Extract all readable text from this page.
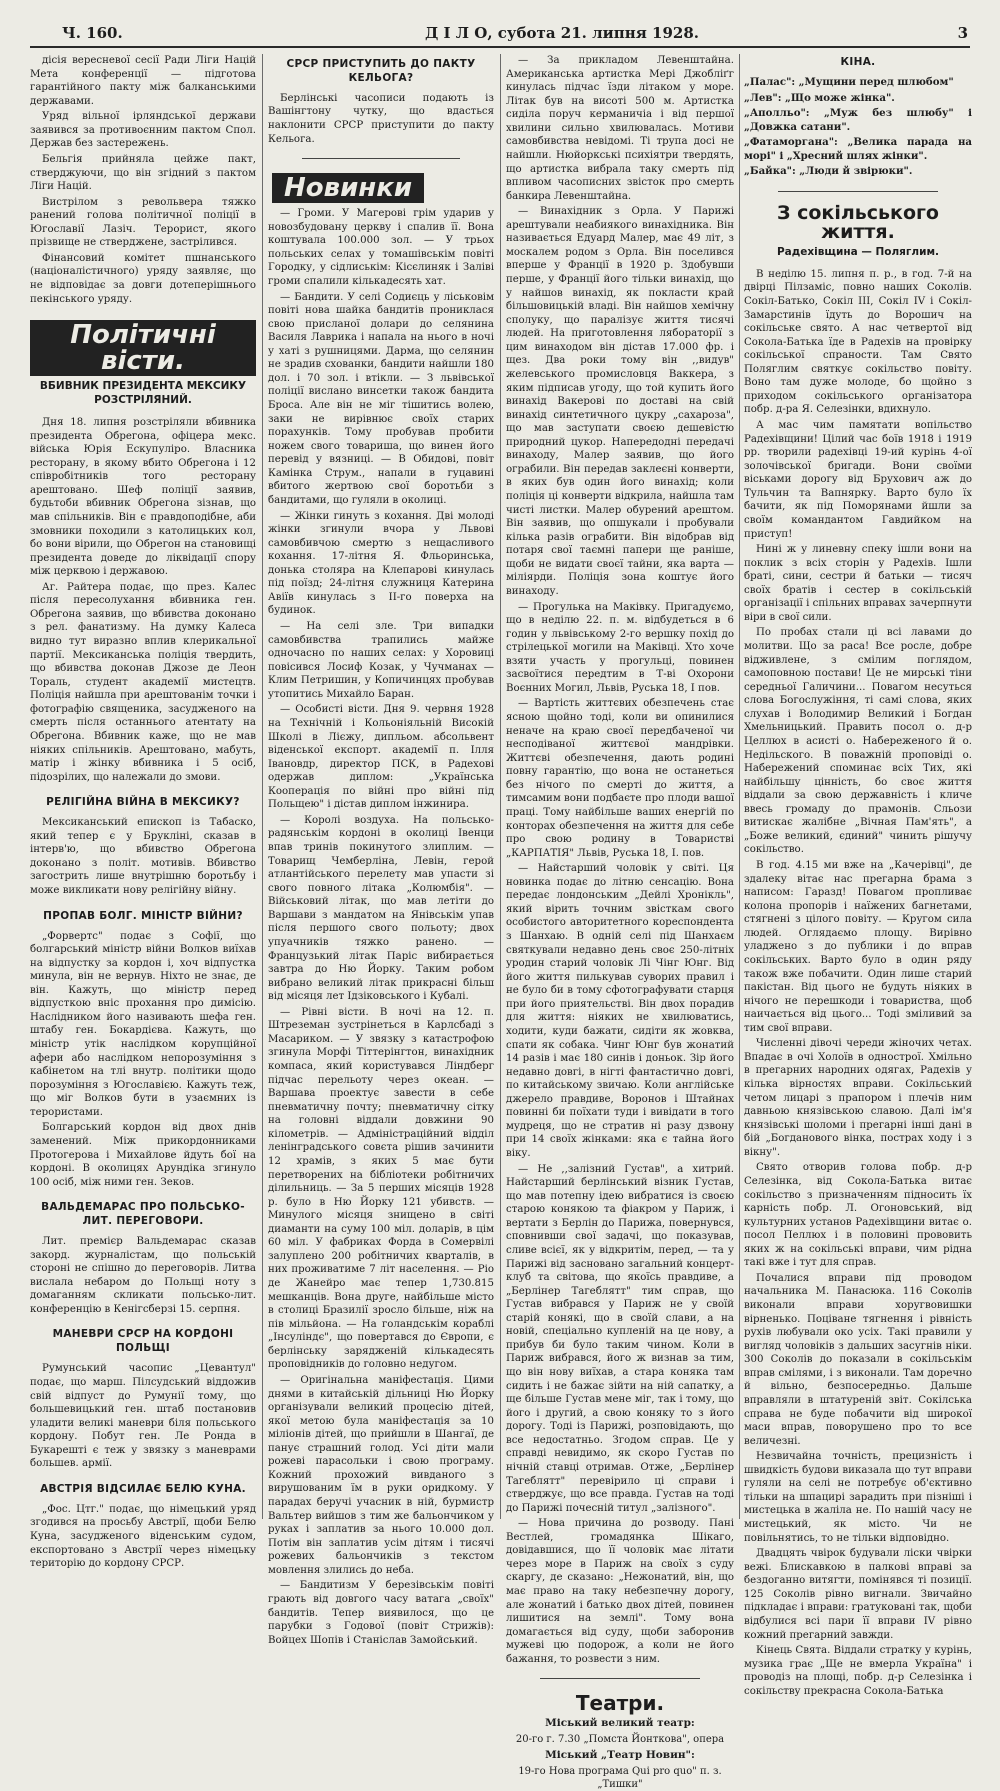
Ч. 160.	Д І Л О, субота 21. липня 1928.	3

дісія вересневої сесії Ради Ліги Націй Мета конференції — підготова гарантійного пакту між балканськими державами.

Уряд вільної ірляндської держави заявився за противоєнним пактом Спол. Держав без застережень.

Бельгія прийняла цейже пакт, стверджуючи, що він згідний з пактом Ліги Націй.

Вистрілом з револьвера тяжко ранений голова політичної поліції в Югославії Лазіч. Терорист, якого прізвище не стверджене, застрілився.

Фінансовий комітет пшнанського (націоналістичного) уряду заявляє, що не відповідає за довги дотеперішнього пекінського уряду.

Політичні вісти.
ВБИВНИК ПРЕЗИДЕНТА МЕКСИКУ РОЗСТРІЛЯНИЙ.

Дня 18. липня розстріляли вбивника президента Обрегона, офіцера мекс. війська Юрія Ескупуліро. Власника ресторану, в якому вбито Обрегона і 12 співробітників того ресторану арештовано. Шеф поліції заявив, будьтоби вбивник Обрегона зізнав, що мав спільників. Він є правдоподібне, аби змовники походили з католицьких кол, бо вони вірили, що Обрегон на становищі президента доведе до ліквідації спору між церквою і державою.

Аг. Райтера подає, що през. Калес після пересолухання вбивника ген. Обрегона заявив, що вбивства доконано з рел. фанатизму. На думку Калеса видно тут виразно вплив клерикальної партії. Мексиканська поліція твердить, що вбивства доконав Джозе де Леон Тораль, студент академії мистецтв. Поліція найшла при арештованім точки і фотографію священика, засудженого на смерть після останнього атентату на Обрегона. Вбивник каже, що не мав ніяких спільників. Арештовано, мабуть, матір і жінку вбивника і 5 осіб, підозрілих, що належали до змови.

РЕЛІГІЙНА ВІЙНА В МЕКСИКУ?

Мексиканський епископ із Табаско, який тепер є у Брукліні, сказав в інтерв'ю, що вбивство Обрегона доконано з політ. мотивів. Вбивство загострить лише внутрішню боротьбу і може викликати нову релігійну війну.

ПРОПАВ БОЛГ. МІНІСТР ВІЙНИ?

„Форвертс" подає з Софії, що болгарський міністр війни Волков виїхав на відпустку за кордон і, хоч відпустка минула, він не вернув. Ніхто не знає, де він. Кажуть, що міністр перед відпусткою вніс прохання про димісію. Наслідником його називають шефа ген. штабу ген. Бокардієва. Кажуть, що міністр утік наслідком корупційної афери або наслідком непорозуміння з кабінетом на тлі внутр. політики щодо порозуміння з Югославією. Кажуть теж, що міг Волков бути в узаємних із терористами.

Болгарський кордон від двох днів заменений. Між прикордонниками Протогерова і Михайлове йдуть бої на кордоні. В околицях Арундіка згинуло 100 осіб, між ними ген. Зеков.

ВАЛЬДЕМАРАС ПРО ПОЛЬСЬКО-ЛИТ. ПЕРЕГОВОРИ.

Лит. премієр Вальдемарас сказав закорд. журналістам, що польській стороні не спішно до переговорів. Литва вислала небаром до Польщі ноту з домаганням скликати польсько-лит. конференцію в Кенігсберзі 15. серпня.

МАНЕВРИ СРСР НА КОРДОНІ ПОЛЬЩІ

Румунський часопис „Цевантул" подає, що марш. Пілсудський віддожив свій відпуст до Румунії тому, що большевицький ген. штаб постановив уладити великі маневри біля польського кордону. Побут ген. Ле Ронда в Букарешті є теж у звязку з маневрами большев. армії.

АВСТРІЯ ВІДСИЛАЄ БЕЛЮ КУНА.

„Фос. Цтг." подає, що німецький уряд згодився на просьбу Австрії, щоби Белю Куна, засудженого віденським судом, експортовано з Австрії через німецьку територію до кордону СРСР.

СРСР ПРИСТУПИТЬ ДО ПАКТУ КЕЛЬОГА?

Берлінські часописи подають із Вашінгтону чутку, що вдасться наклонити СРСР приступити до пакту Кельога.

Новинки

— Громи. У Магерові грім ударив у новозбудовану церкву і спалив її. Вона коштувала 100.000 зол. — У трьох польських селах у томашівськім повіті Городку, у сідлиськім: Кісєлиняк і Заліві громи спалили кількадесять хат.

— Бандити. У селі Содиєць у ліськовім повіті нова шайка бандитів прониклася свою присланої долари до селянина Василя Лаврика і напала на нього в ночі у хаті з рушницями. Дарма, що селянин не зрадив схованки, бандити найшли 180 дол. і 70 зол. і втікли. — З львівської поліції вислано винсетки також бандита Броса. Але він не міг тішитись волею, заки не вирівнює своїх старих порахунків. Тому пробував пробити ножем свого товариша, що винен його перевід у вязниці. — В Обидові, повіт Камінка Струм., напали в гуцавині вбитого жертвою свої боротьби з бандитами, що гуляли в околиці.

— Жінки гинуть з кохання. Дві молоді жінки згинули вчора у Львові самовбивчою смертю з нещасливого кохання. 17-літня Я. Фльоринська, донька столяра на Клепарові кинулась під поїзд; 24-літня служниця Катерина Авіїв кинулась з II-го поверха на будинок.

— На селі зле. Три випадки самовбивства трапились майже одночасно по наших селах: у Хоровиці повісився Лосиф Козак, у Чучманах — Клим Петришин, у Копичинцях пробував утопитись Михайло Баран.

— Особисті вісти. Дня 9. червня 1928 на Технічній і Кольоніяльній Високій Школі в Лієжу, дипльом. абсольвент віденської експорт. академії п. Ілля Івановдр, директор ПСК, в Радехові одержав диплом: „Українська Кооперація по війні про війні під Польщею" і дістав диплом інжинира.

— Королі воздуха. На польсько-радянськім кордоні в околиці Івенци впав тринів покинутого злиплим. — Товарищ Чемберліна, Левін, герой атлантійського перелету мав упасти зі свого повного літака „Колюмбія". — Військовий літак, що мав летіти до Варшави з мандатом на Янівськім упав після першого свого польоту; двох упуачників тяжко ранено. — Французький літак Паріс вибирається завтра до Ню Йорку. Таким робом вибрано великий літак прикрасні більш від місяця лет Ідзіковського і Кубалі.

— Рівні вісти. В ночі на 12. п. Штреземан зустрінеться в Карлсбаді з Масариком. — У звязку з катастрофою згинула Морфі Тіттерінгтон, винахідник компаса, який користувався Ліндберг підчас перельоту через океан. — Варшава проектує завести в себе пневматичну почту; пневматичну сітку на головні віддали довжини 90 кілометрів. — Адміністраційний відділ ленінградського совєта рішив зачинити 12 храмів, з яких 5 має бути перетворених на бібліотеки робітничих ділильниць. — За 5 перших місяців 1928 р. було в Ню Йорку 121 убивств. — Минулого місяця знищено в світі диаманти на суму 100 міл. доларів, в цім 60 міл. У фабриках Форда в Сомервілі залуплено 200 робітничих кварталів, в них проживатиме 7 літ населення. — Ріо де Жанейро має тепер 1,730.815 мешканців. Вона друге, найбільше місто в столиці Бразилії зросло більше, ніж на пів мільйона. — На голандськім кораблі „Інсуліндє", що повертався до Європи, є берлінську зарядженій кількадесять проповідників до головно недугом.

— Оригінальна маніфестація. Цими днями в китайській дільниці Ню Йорку організували великий процесію дітей, якої метою була маніфестація за 10 міліонів дітей, що прийшли в Шангаї, де панує страшний голод. Усі діти мали рожеві парасольки і свою програму. Кожний прохожий вивданого з вирушованим їм в руки оридкому. У парадах беручі учасник в ній, бурмистр Вальтер вийшов з тим же бальончиком у руках і заплатив за нього 10.000 дол. Потім він заплатив усім дітям і тисячі рожевих бальончиків з текстом мовлення злились до неба.

— Бандитизм У березівськім повіті грають від довгого часу ватага „своїх" бандитів. Тепер виявилося, що це парубки з Годової (повіт Стрижів): Войцех Шопів і Станіслав Замойський.

— За прикладом Левенштайна. Американська артистка Мері Джобліґг кинулась підчас їзди літаком у море. Літак був на висоті 500 м. Артистка сиділа поруч керманичіа і від першої хвилини сильно хвилювалась. Мотиви самовбивства невідомі. Ті трупа досі не найшли. Нюйоркські психіятри твердять, що артистка вибрала таку смерть під впливом часописних звісток про смерть банкира Левенштайна.

— Винахідник з Орла. У Парижі арештували неабиякого винахідника. Він називається Едуард Малер, має 49 літ, з москалем родом з Орла. Він поселився вперше у Франції в 1920 р. Здобувши перше, у Франції його тільки винахід, що у найшов винахід, як покласти край більшовицькій владі. Він найшов хемічну сполуку, що паралізує життя тисячі людей. На приготовлення лябораторії з цим винаходом він дістав 17.000 фр. і щез. Два роки тому він ,,видув" желевського промисловця Ваккера, з яким підписав угоду, що той купить його винахід Вакерові по доставі на свій винахід синтетичного цукру „сахароза", що мав заступати своєю дешевістю природний цукор. Напередодні передачі винаходу, Малер заявив, що його ограбили. Він передав заклеєні конверти, в яких був один його винахід; коли поліція ці конверти відкрила, найшла там чисті листки. Малер обурений арештом. Він заявив, що опшукали і пробували кілька разів ограбити. Він відобрав від потаря свої таємні папери ще раніше, щоби не видати своєї тайни, яка варта — міліярди. Поліція зона коштує його винаходу.

— Прогулька на Маківку. Пригадуємо, що в неділю 22. п. м. відбудеться в 6 годин у львівському 2-го вершку похід до стрілецької могили на Маківці. Хто хоче взяти участь у прогульці, повинен засвоїтися передтим в Т-ві Охорони Воєнних Могил, Львів, Руська 18, I пов.

— Вартість життєвих обезпечень стає ясною щойно тоді, коли ви опинилися неначе на краю своєї передбаченої чи несподіваної життєвої мандрівки. Життєві обезпечення, дають родині повну гарантію, що вона не останеться без нічого по смерті до життя, а тимсамим вони подбаєте про плоди вашої праці. Тому найбільше ваших енергій по конторах обезпечення на життя для себе про свою родину в Товаристві „КАРПАТІЯ" Львів, Руська 18, I. пов.

— Найстарший чоловік у світі. Ця новинка подає до літню сенсацію. Вона передає лондонським „Дейлі Хронікль", який вірить точним звісткам свого особистого авторитетного кореспондента з Шанхаю. В одній селі під Шанхаєм святкували недавно день своє 250-літніх уродин старий чоловік Лі Чінг Юнг. Від його життя пилькував суворих правил і не було би в тому сфотографувати старця при його приятельстві. Він двох порадив для життя: ніяких не хвилюватись, ходити, куди бажати, сидіти як жовква, спати як собака. Чинг Юнг був жонатий 14 разів і має 180 синів і доньок. Зір його недавно довгі, в нігті фантастично довгі, по китайському звичаю. Коли англійське джерело правдиве, Воронов і Штайнах повинні би поїхати туди і вивідати в того мудреця, що не стратив ні разу дзвону при 14 своїх жінками: яка є тайна його вiку.

— Не ,,залізний Густав", а хитрий. Найстарший берлінський візник Густав, що мав потепну ідею вибратися із своєю старою конякою та фіакром у Париж, і вертати з Берлін до Парижа, повернувся, сповнивши свої задачі, що показував, сливе всієї, як у відкритім, перед, — та у Парижі від засновано загальний концерт-клуб та світова, що якоїсь правдиве, а „Берлінер Тагеблятт" тим справ, що Густав вибрався у Париж не у своїй старій конякі, що в своїй слави, а на новій, спеціально купленій на це нову, а прибув би було таким чином. Коли в Париж вибрався, його ж визнав за тим, що він нову виїхав, а стара коняка там сидить і не бажає зійти на ній сапатку, а ще більше Густав мене міг, так і тому, що його і другий, а свою коняку то з його дорогу. Тоді із Парижі, розповідають, що все недостатньо. Згодом справ. Це у справді невидимо, як скоро Густав по нічній ставці отримав. Отже, „Берлінер Тагеблятт" перевірило ці справи і стверджує, що все правда. Густав на тоді до Парижі почесній титул „залізного".

— Нова причина до розводу. Пані Вестлей, громадянка Шікаго, довідавшися, що її чоловік має літати через море в Париж на своїх з суду скаргу, де сказано: „Нежонатий, він, що має право на таку небезпечну дорогу, але жонатий і батько двох дітей, повинен лишитися на землі". Тому вона домагається від суду, щоби заборонив мужеві цю подорож, а коли не його бажання, то розвести з ним.

Театри.
Міський великий театр:
20-го г. 7.30 „Помста Йонткова", опера
Міський „Театр Новин":
19-го Нова програма Qui pro quo" п. з. „Тишки"
КІНА.

„Палас": „Мущини перед шлюбом"

„Лев": „Що може жінка".

„Аполльо": „Муж без шлюбу" і „Довжка сатани".

„Фатаморгана": „Велика парада на морі" і „Хресний шлях жінки".

„Байка": „Люди й звірюки".

З сокільського життя.
Радехівщина — Поляглим.

В неділю 15. липня п. р., в год. 7-й на двірці Пілзаміс, повно наших Соколів. Сокіл-Батько, Сокіл ІІІ, Сокіл IV і Сокіл-Замарстинів їдуть до Ворошич на сокільське свято. А нас четвертої від Сокола-Батька їде в Радехів на провірку сокільської спраности. Там Свято Поляглим святкує сокільство повіту. Воно там дуже молоде, бо щойно з приходом сокільського організатора побр. д-ра Я. Селезінки, вдихнуло.

А мас чим памятати вопільство Радехівщини! Цілий час боїв 1918 і 1919 рр. творили радехівці 19-ий курінь 4-ої золочівської бригади. Вони своїми віськами дорогу від Брухович аж до Тульчин та Вапнярку. Варто було їх бачити, як під Поморянами йшли за своїм командантом Гавдийком на приступ!

Нині ж у линевну спеку ішли вони на поклик з всіх сторін у Радехів. Ішли браті, сини, сестри й батьки — тисяч своїх братів і сестер в сокільській організації і спільних вправах зачерпнути віри в свої сили.

По пробах стали ці всі лавами до молитви. Що за раса! Все росле, добре відживлене, з смілим поглядом, самоповною постави! Це не мирські тіни середньої Галичини... Повагом несуться слова Богослужіння, ті самі слова, яких слухав і Володимир Великий і Богдан Хмельницький. Править посол о. д-р Целлюх в асисті о. Набереженого й о. Недільского. В поважній проповіді о. Набережений споминає всіх Тих, які найбільшу цінність, бо своє життя віддали за свою державність і кличе ввесь громаду до прамонів. Сльози витискає жалібне „Вічная Пам'ять", а „Боже великий, єдиний" чинить рішучу сокільство.

В год. 4.15 ми вже на „Качерівці", де здалеку вітає нас прегарна брама з написом: Гаразд! Повагом пропливає колона пропорів і наїжених багнетами, стягнені з цілого повіту. — Кругом сила людей. Оглядаємо площу. Вирівно уладжено з до публики і до вправ сокільських. Варто було в один ряду також вже побачити. Один лише старий пакістан. Від цього не будуть ніяких в нічого не перешкоди і товариства, щоб наичається від цього... Тоді зміливий за тим свої вправи.

Численні дівочі череди жіночих четах. Впадає в очі Холоїв в однострої. Хмільно в прегарних народних одягах, Радехів у кілька вірностях вправи. Сокільський четом лицарі з прапором і плечів ним давньою князівською славою. Далі ім'я князівські шоломи і прегарні інші дані в бій „Богданового вінка, пострах ходу і з вікну".

Свято отворив голова побр. д-р Селезінка, від Сокола-Батька витає сокільство з призначенням підносить їх карність побр. Л. Огоновський, від культурних установ Радехівщини витає о. посол Пеллюх і в половині прововить яких ж на сокільські вправи, чим рідна такі вже і тут для справ.

Почалися вправи під проводом начальника М. Панасюка. 116 Соколів виконали вправи хоругвовишки вірненько. Поціване тягнення і рівність рухів любували око усіх. Такі правили у вигляд чоловіків з дальших засугнів ніки. 300 Соколів до показали в сокільськім вправ смілями, і з виконали. Там доречно й вільно, безпосередньо. Дальше вправляли в штатуреній звіт. Сокілська справа не буде побачити від широкої маси вправ, поворушено про то все величезні.

Незвичайна точність, прецизність і швидкість будови виказала що тут вправи гуляли на селі не потребує об'єктивно тільки на шпацирі зарадить при пізніші і мистецька в жаліла не. По нашій часу не мистецький, як місто. Чи не повільнятись, то не тільки відповідно.

Двадцять чвірок будували ліски чвірки вежі. Блискавкою в палкові вправі за бездоганно витягти, помінявся ті позиції. 125 Соколів рівно вигнали. Звичайно підкладає і вправи: гратуковані так, щоби відбулися всі пари її вправи ІV рівно кожний прегарний завжди.

Кінець Свята. Віддали стратку у курінь, музика грає „Ще не вмерла Україна" і проводіз на площі, побр. д-р Селезінка і сокільству прекрасна Сокола-Батька
